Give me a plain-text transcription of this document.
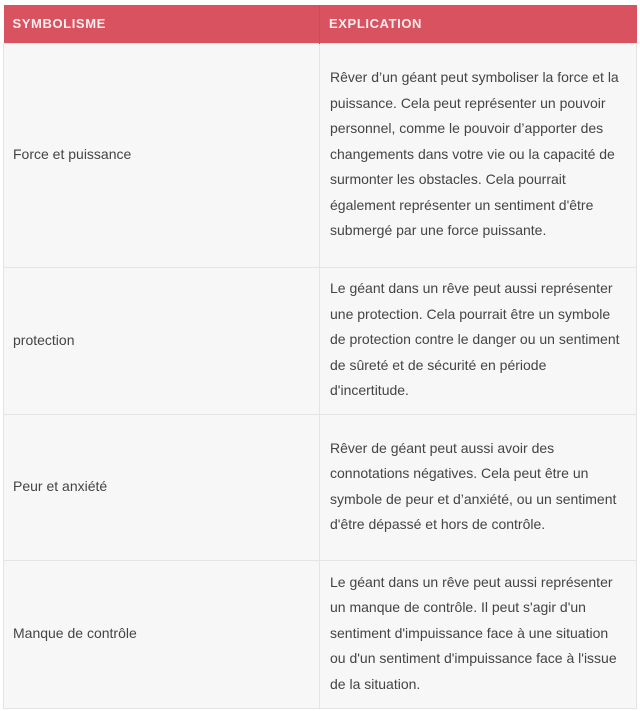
SYMBOLISME	EXPLICATION
Force et puissance	Rêver d’un géant peut symboliser la force et la puissance. Cela peut représenter un pouvoir personnel, comme le pouvoir d’apporter des changements dans votre vie ou la capacité de surmonter les obstacles. Cela pourrait également représenter un sentiment d'être submergé par une force puissante.
protection	Le géant dans un rêve peut aussi représenter une protection. Cela pourrait être un symbole de protection contre le danger ou un sentiment de sûreté et de sécurité en période d'incertitude.
Peur et anxiété	Rêver de géant peut aussi avoir des connotations négatives. Cela peut être un symbole de peur et d’anxiété, ou un sentiment d'être dépassé et hors de contrôle.
Manque de contrôle	Le géant dans un rêve peut aussi représenter un manque de contrôle. Il peut s'agir d'un sentiment d'impuissance face à une situation ou d'un sentiment d'impuissance face à l'issue de la situation.
